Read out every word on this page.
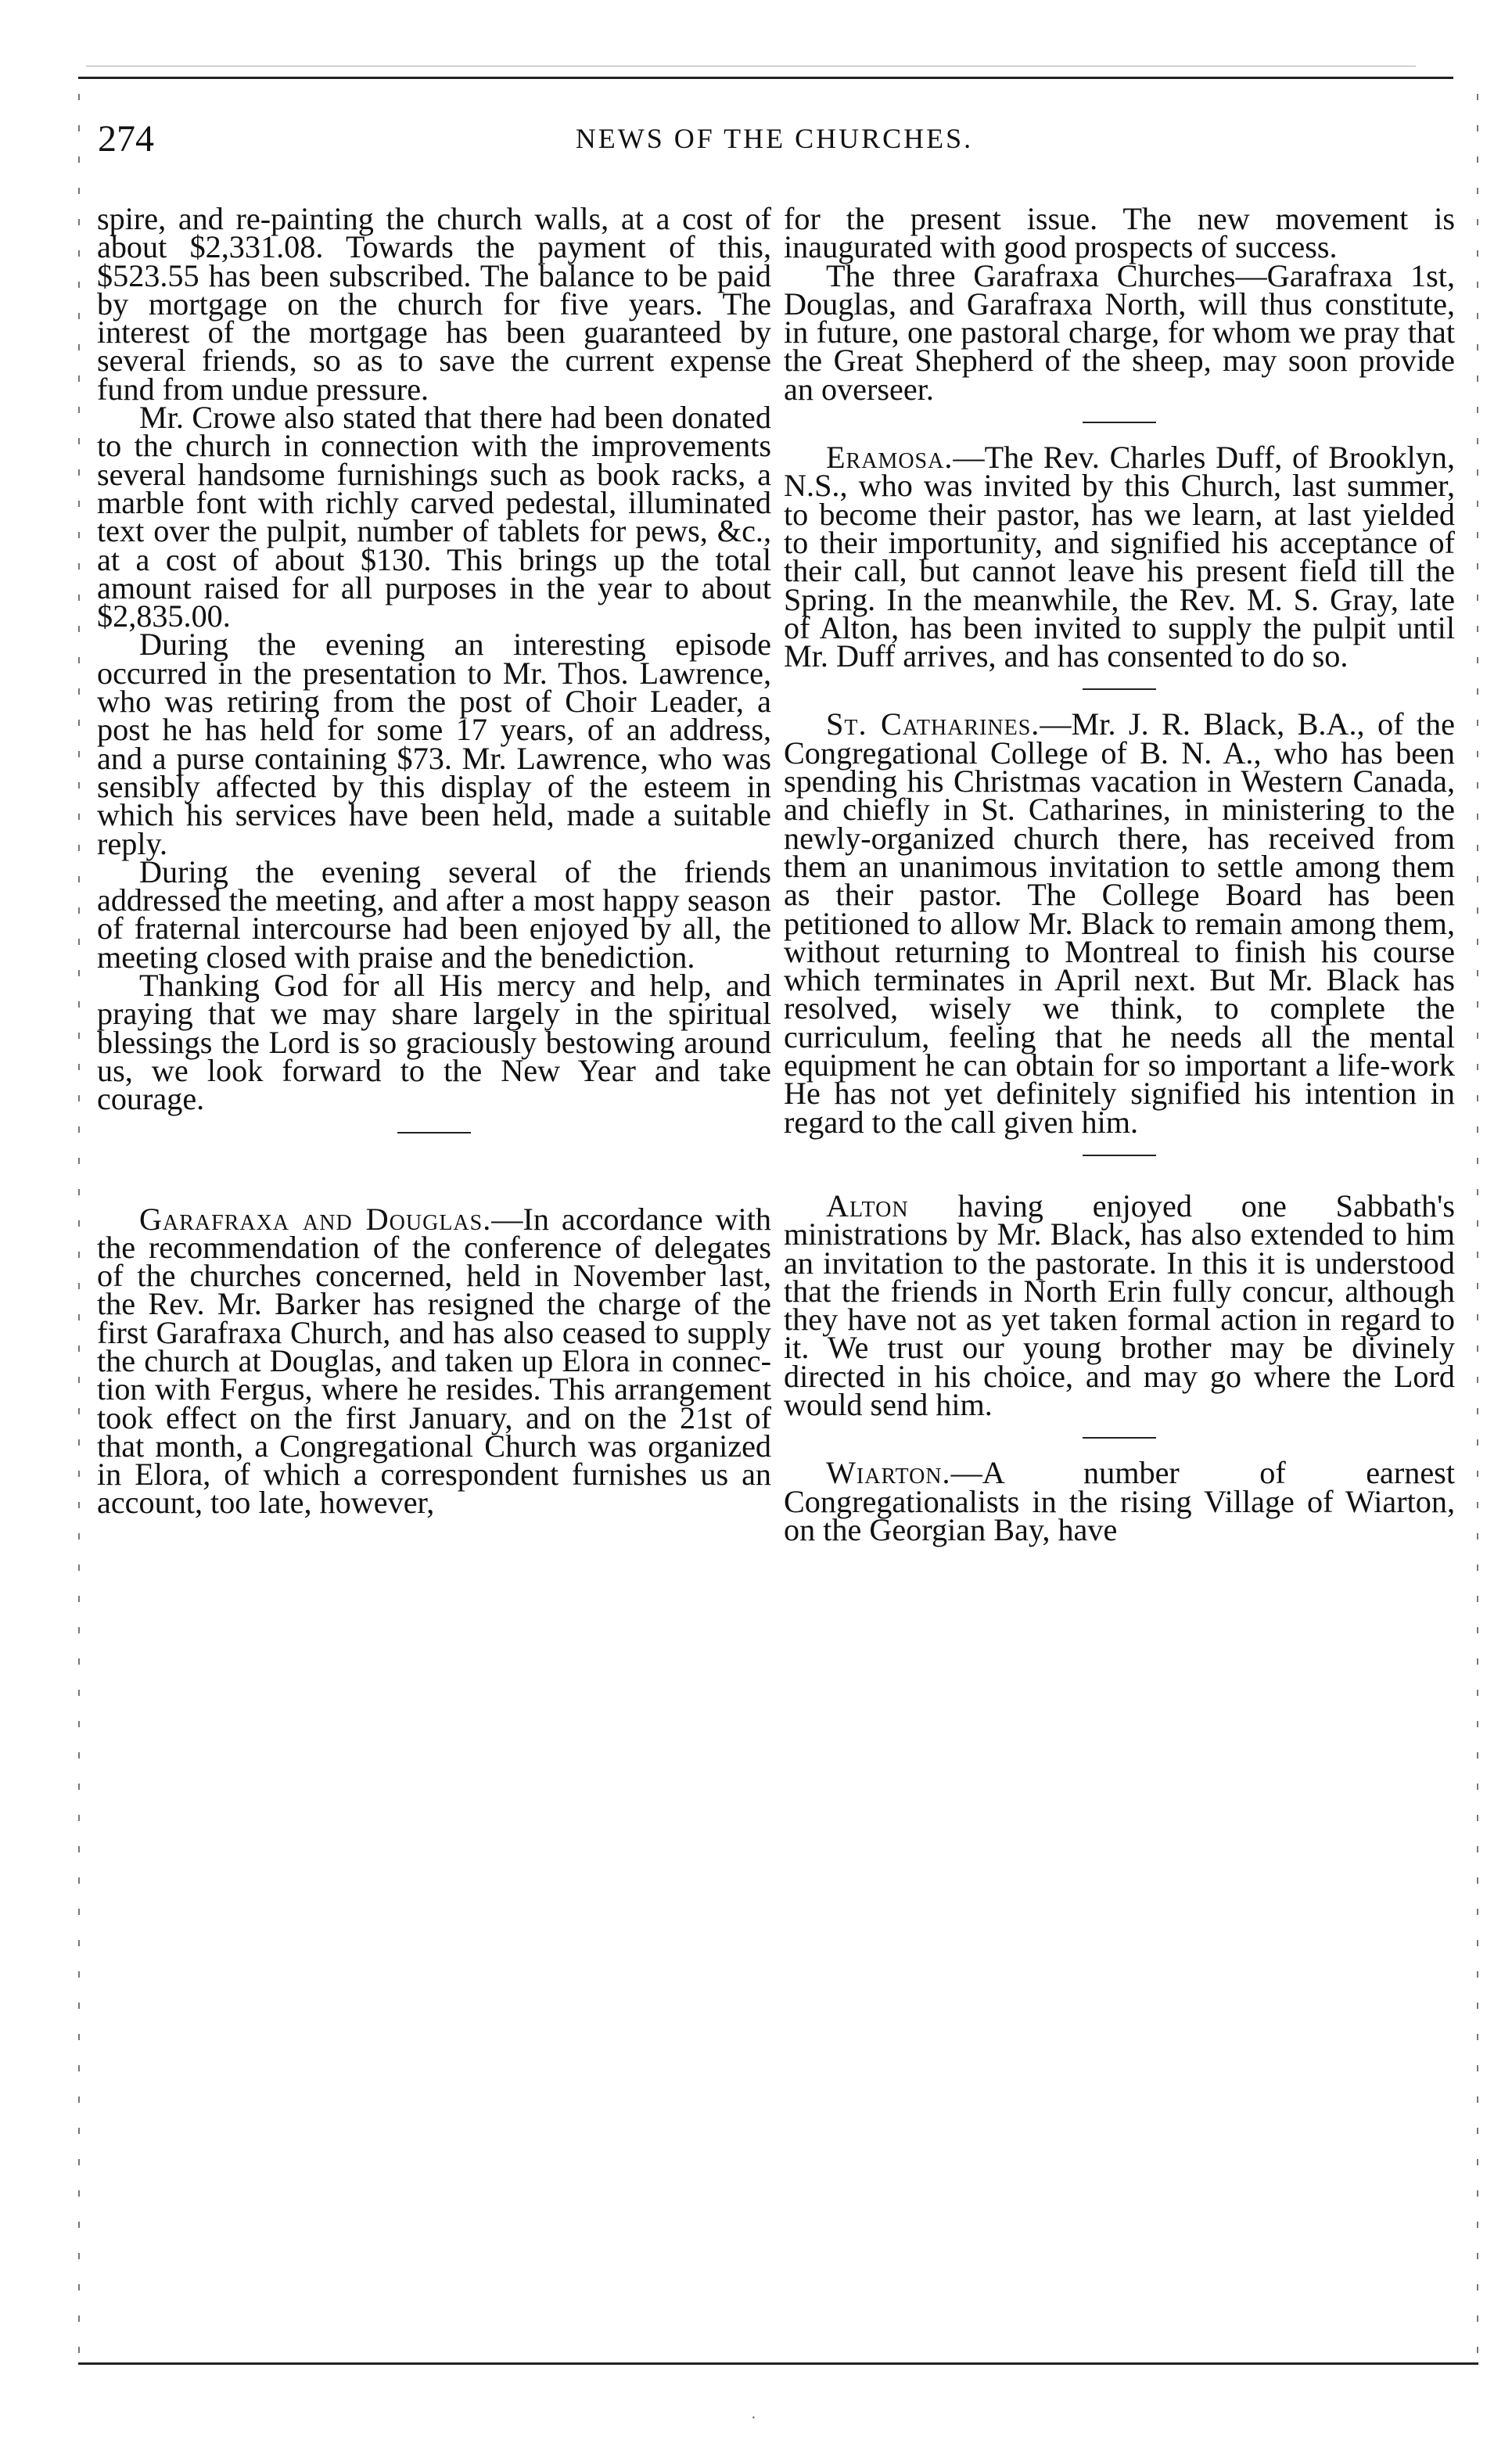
274	NEWS OF THE CHURCHES.

spire, and re-painting the church walls, at a cost of about $2,331.08. Towards the payment of this, $523.55 has been subscribed. The balance to be paid by mortgage on the church for five years. The interest of the mortgage has been guaranteed by several friends, so as to save the current expense fund from undue pressure.

Mr. Crowe also stated that there had been donated to the church in connection with the improvements several handsome furnishings such as book racks, a marble font with richly carved pedestal, illuminated text over the pulpit, number of tablets for pews, &c., at a cost of about $130. This brings up the total amount raised for all purposes in the year to about $2,835.00.

During the evening an interesting episode occurred in the presentation to Mr. Thos. Lawrence, who was retiring from the post of Choir Leader, a post he has held for some 17 years, of an address, and a purse containing $73. Mr. Lawrence, who was sensibly affected by this display of the esteem in which his services have been held, made a suitable reply.

During the evening several of the friends addressed the meeting, and after a most happy season of fraternal intercourse had been enjoyed by all, the meeting closed with praise and the benediction.

Thanking God for all His mercy and help, and praying that we may share largely in the spiritual blessings the Lord is so graciously bestowing around us, we look forward to the New Year and take courage.

Garafraxa and Douglas.—In accordance with the recommendation of the conference of delegates of the churches concerned, held in November last, the Rev. Mr. Barker has resigned the charge of the first Garafraxa Church, and has also ceased to supply the church at Douglas, and taken up Elora in connection with Fergus, where he resides. This arrangement took effect on the first January, and on the 21st of that month, a Congregational Church was organized in Elora, of which a correspondent furnishes us an account, too late, however,

for the present issue. The new movement is inaugurated with good prospects of success.

The three Garafraxa Churches—Garafraxa 1st, Douglas, and Garafraxa North, will thus constitute, in future, one pastoral charge, for whom we pray that the Great Shepherd of the sheep, may soon provide an overseer.

Eramosa.—The Rev. Charles Duff, of Brooklyn, N.S., who was invited by this Church, last summer, to become their pastor, has we learn, at last yielded to their importunity, and signified his acceptance of their call, but cannot leave his present field till the Spring. In the meanwhile, the Rev. M. S. Gray, late of Alton, has been invited to supply the pulpit until Mr. Duff arrives, and has consented to do so.

St. Catharines.—Mr. J. R. Black, B.A., of the Congregational College of B. N. A., who has been spending his Christmas vacation in Western Canada, and chiefly in St. Catharines, in ministering to the newly-organized church there, has received from them an unanimous invitation to settle among them as their pastor. The College Board has been petitioned to allow Mr. Black to remain among them, without returning to Montreal to finish his course which terminates in April next. But Mr. Black has resolved, wisely we think, to complete the curriculum, feeling that he needs all the mental equipment he can obtain for so important a life-work He has not yet definitely signified his intention in regard to the call given him.

Alton having enjoyed one Sabbath's ministrations by Mr. Black, has also extended to him an invitation to the pastorate. In this it is understood that the friends in North Erin fully concur, although they have not as yet taken formal action in regard to it. We trust our young brother may be divinely directed in his choice, and may go where the Lord would send him.

Wiarton.—A number of earnest Congregationalists in the rising Village of Wiarton, on the Georgian Bay, have

·
